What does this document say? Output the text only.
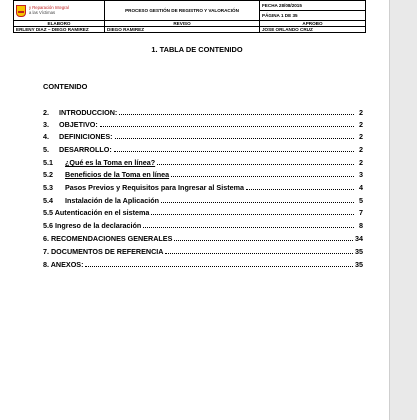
y Reparación Integral
a las Víctimas	PROCESO GESTIÓN DE REGISTRO Y VALORACIÓN	FECHA 28/08/2015
		PÁGINA 1 DE 35
ELABORO	REVISO	APROBO
ERLENY DIAZ – DIEGO RAMIREZ	DIEGO RAMIREZ	JOSE ORLANDO CRUZ
1. TABLA DE CONTENIDO
CONTENIDO
2.	INTRODUCCION:	2
3.	OBJETIVO:	2
4.	DEFINICIONES:	2
5.	DESARROLLO:	2
5.1	¿Qué es la Toma en línea?	2
5.2	Beneficios de la Toma en línea	3
5.3	Pasos Previos y Requisitos para Ingresar al Sistema	4
5.4	Instalación de la Aplicación	5
5.5 Autenticación en el sistema	7
5.6 Ingreso de la declaración	8
6. RECOMENDACIONES GENERALES	34
7. DOCUMENTOS DE REFERENCIA	35
8. ANEXOS:	35
